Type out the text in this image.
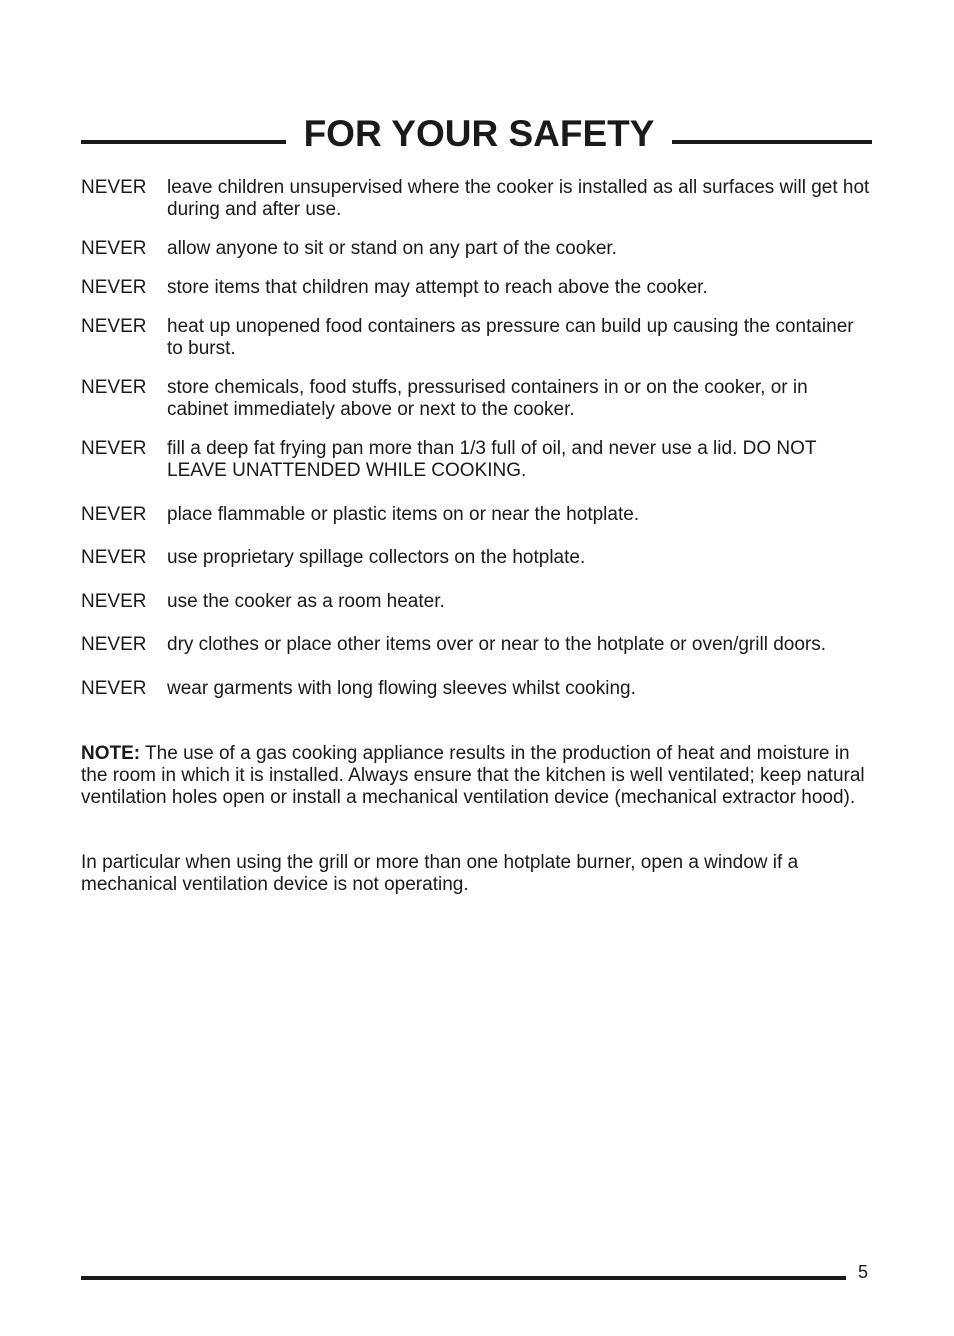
FOR YOUR SAFETY
NEVER	leave children unsupervised where the cooker is installed as all surfaces will get hot during and after use.
NEVER	allow anyone to sit or stand on any part of the cooker.
NEVER	store items that children may attempt to reach above the cooker.
NEVER	heat up unopened food containers as pressure can build up causing the container to burst.
NEVER	store chemicals, food stuffs, pressurised containers in or on the cooker, or in cabinet immediately above or next to the cooker.
NEVER	fill a deep fat frying pan more than 1/3 full of oil, and never use a lid. DO NOT LEAVE UNATTENDED WHILE COOKING.
NEVER	place flammable or plastic items on or near the hotplate.
NEVER	use proprietary spillage collectors on the hotplate.
NEVER	use the cooker as a room heater.
NEVER	dry clothes or place other items over or near to the hotplate or oven/grill doors.
NEVER	wear garments with long flowing sleeves whilst cooking.
NOTE: The use of a gas cooking appliance results in the production of heat and moisture in the room in which it is installed. Always ensure that the kitchen is well ventilated; keep natural ventilation holes open or install a mechanical ventilation device (mechanical extractor hood).
In particular when using the grill or more than one hotplate burner, open a window if a mechanical ventilation device is not operating.
5
